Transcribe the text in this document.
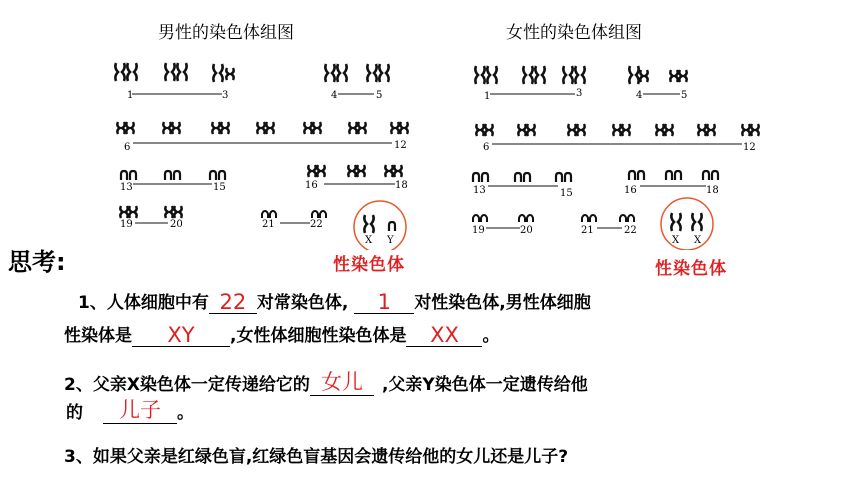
男性的染色体组图	女性的染色体组图
1	3	4	5
6	12
13	15	16	18
19	20	21	22
X Y
1	3	4	5
6	12
13	15	16	18
19	20	21	22
X X
性染色体	性染色体
思考:
1、人体细胞中有 22 对常染色体,	1	对性染色体,男性体细胞
性染体是	XY	,女性体细胞性染色体是	XX	。
2、父亲X染色体一定传递给它的 女儿	,父亲Y染色体一定遗传给他
的	儿子 。
3、如果父亲是红绿色盲,红绿色盲基因会遗传给他的女儿还是儿子?
